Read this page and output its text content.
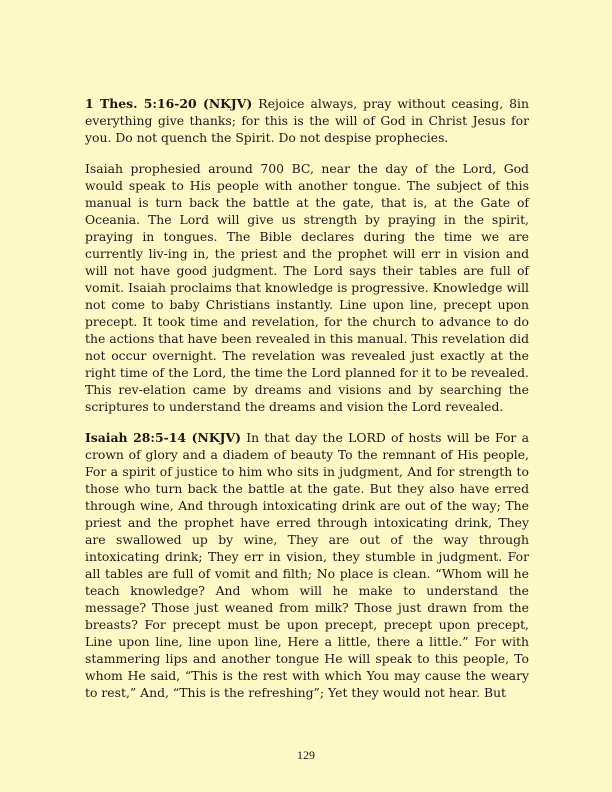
1 Thes. 5:16-20 (NKJV) Rejoice always, pray without ceasing, 8in everything give thanks; for this is the will of God in Christ Jesus for you. Do not quench the Spirit. Do not despise prophecies.

Isaiah prophesied around 700 BC, near the day of the Lord, God would speak to His people with another tongue. The subject of this manual is turn back the battle at the gate, that is, at the Gate of Oceania. The Lord will give us strength by praying in the spirit, praying in tongues. The Bible declares during the time we are currently liv-ing in, the priest and the prophet will err in vision and will not have good judgment. The Lord says their tables are full of vomit. Isaiah proclaims that knowledge is progressive. Knowledge will not come to baby Christians instantly. Line upon line, precept upon precept. It took time and revelation, for the church to advance to do the actions that have been revealed in this manual. This revelation did not occur overnight. The revelation was revealed just exactly at the right time of the Lord, the time the Lord planned for it to be revealed. This rev-elation came by dreams and visions and by searching the scriptures to understand the dreams and vision the Lord revealed.

Isaiah 28:5-14 (NKJV) In that day the LORD of hosts will be For a crown of glory and a diadem of beauty To the remnant of His people, For a spirit of justice to him who sits in judgment, And for strength to those who turn back the battle at the gate. But they also have erred through wine, And through intoxicating drink are out of the way; The priest and the prophet have erred through intoxicating drink, They are swallowed up by wine, They are out of the way through intoxicating drink; They err in vision, they stumble in judgment. For all tables are full of vomit and filth; No place is clean. “Whom will he teach knowledge? And whom will he make to understand the message? Those just weaned from milk? Those just drawn from the breasts? For precept must be upon precept, precept upon precept, Line upon line, line upon line, Here a little, there a little.” For with stammering lips and another tongue He will speak to this people, To whom He said, “This is the rest with which You may cause the weary to rest,” And, “This is the refreshing”; Yet they would not hear. But

129
